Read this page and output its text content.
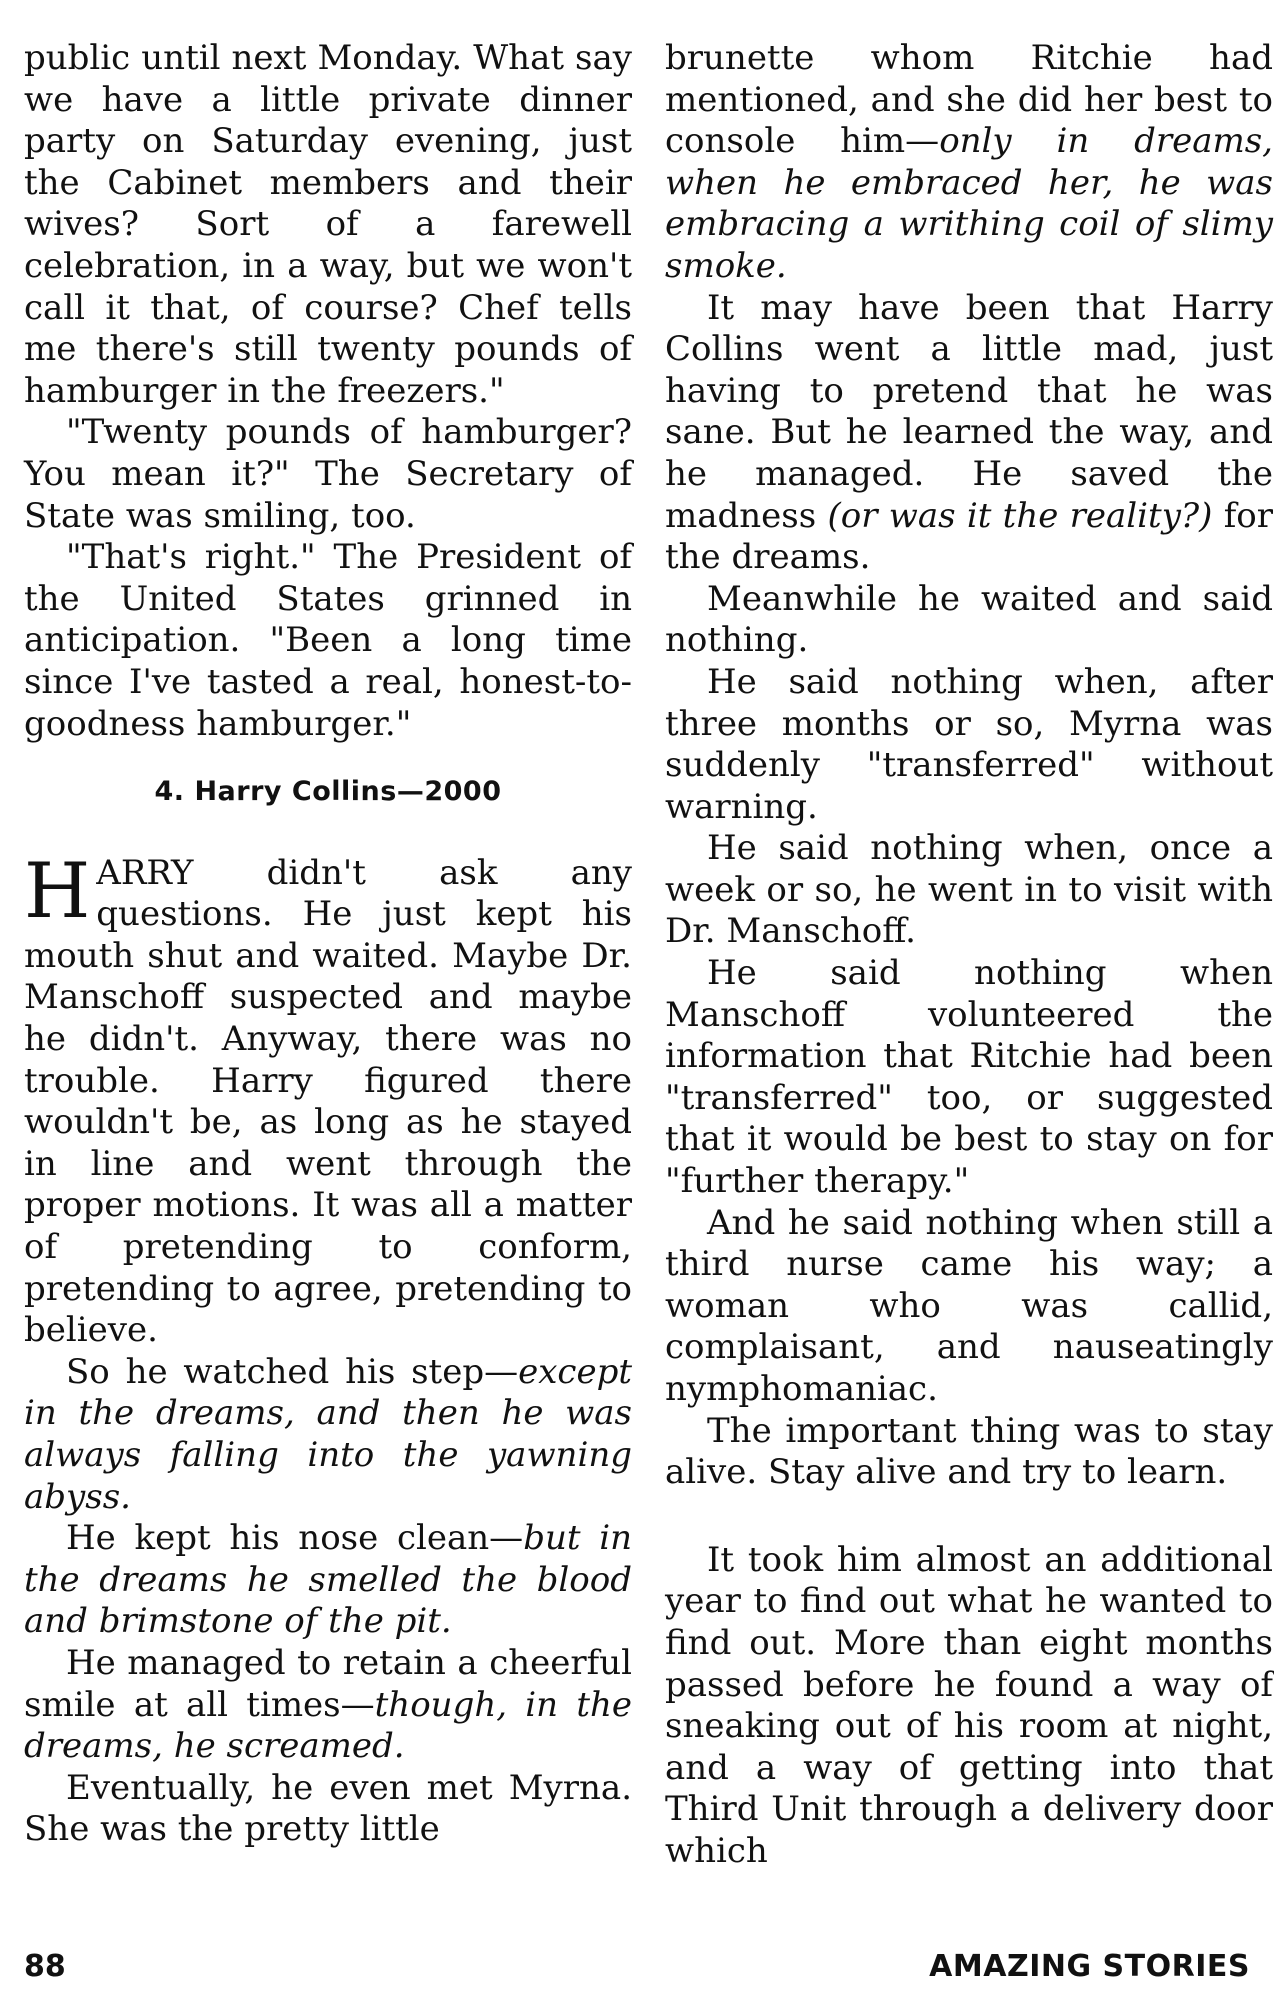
public until next Monday. What say we have a little private dinner party on Saturday evening, just the Cabinet members and their wives? Sort of a farewell celebration, in a way, but we won't call it that, of course? Chef tells me there's still twenty pounds of hamburger in the freezers."

"Twenty pounds of hamburger? You mean it?" The Secretary of State was smiling, too.

"That's right." The President of the United States grinned in anticipation. "Been a long time since I've tasted a real, honest-to-goodness hamburger."

4. Harry Collins—2000

HARRY didn't ask any questions. He just kept his mouth shut and waited. Maybe Dr. Manschoff suspected and maybe he didn't. Anyway, there was no trouble. Harry figured there wouldn't be, as long as he stayed in line and went through the proper motions. It was all a matter of pretending to conform, pretending to agree, pretending to believe.

So he watched his step—except in the dreams, and then he was always falling into the yawning abyss.

He kept his nose clean—but in the dreams he smelled the blood and brimstone of the pit.

He managed to retain a cheerful smile at all times—though, in the dreams, he screamed.

Eventually, he even met Myrna. She was the pretty little

brunette whom Ritchie had mentioned, and she did her best to console him—only in dreams, when he embraced her, he was embracing a writhing coil of slimy smoke.

It may have been that Harry Collins went a little mad, just having to pretend that he was sane. But he learned the way, and he managed. He saved the madness (or was it the reality?) for the dreams.

Meanwhile he waited and said nothing.

He said nothing when, after three months or so, Myrna was suddenly "transferred" without warning.

He said nothing when, once a week or so, he went in to visit with Dr. Manschoff.

He said nothing when Manschoff volunteered the information that Ritchie had been "transferred" too, or suggested that it would be best to stay on for "further therapy."

And he said nothing when still a third nurse came his way; a woman who was callid, complaisant, and nauseatingly nymphomaniac.

The important thing was to stay alive. Stay alive and try to learn.

It took him almost an additional year to find out what he wanted to find out. More than eight months passed before he found a way of sneaking out of his room at night, and a way of getting into that Third Unit through a delivery door which

88	AMAZING STORIES
